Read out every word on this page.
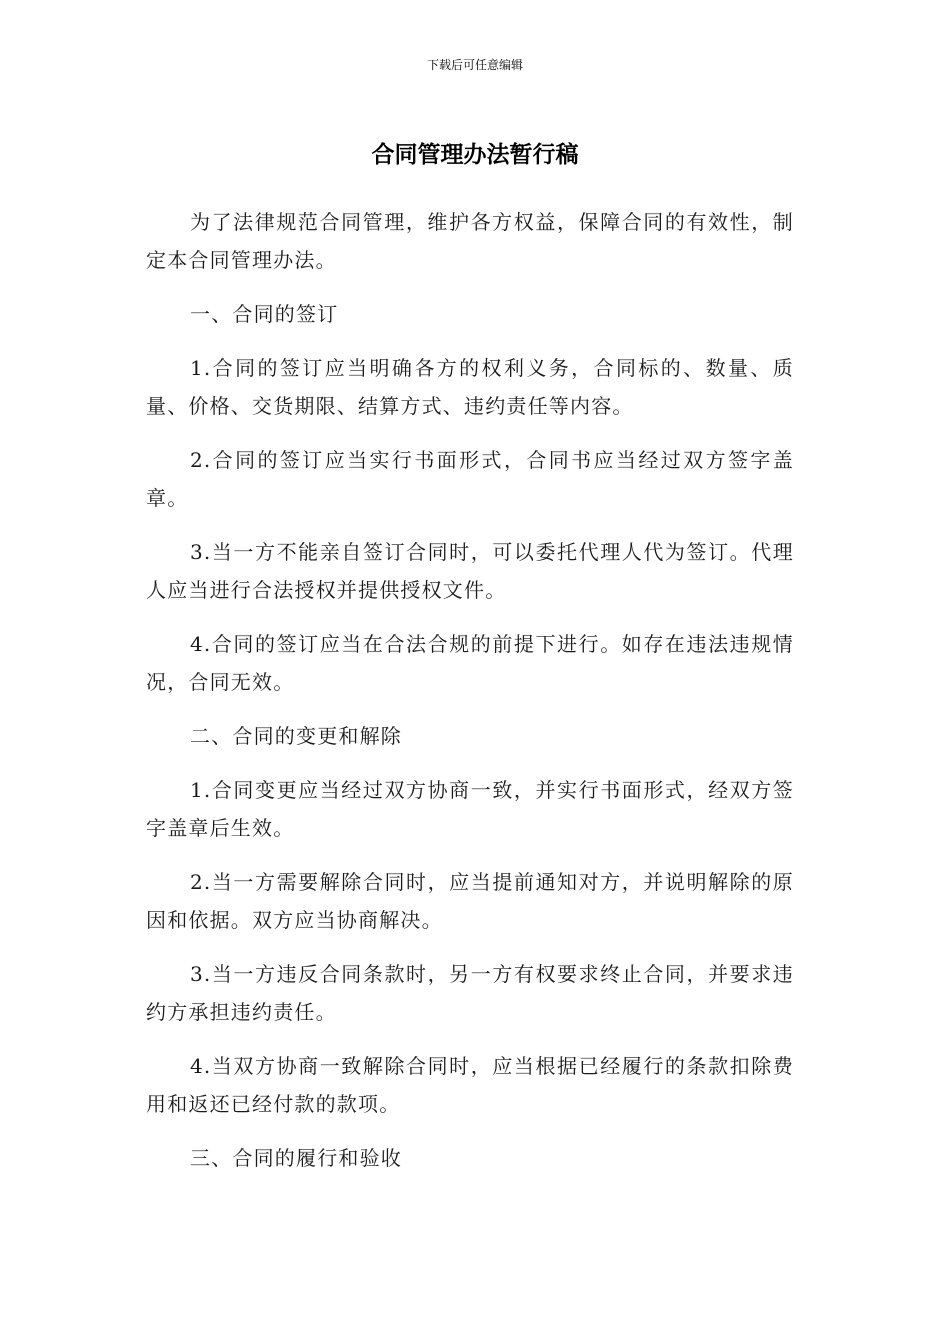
下载后可任意编辑
合同管理办法暂行稿

为了法律规范合同管理，维护各方权益，保障合同的有效性，制定本合同管理办法。

一、合同的签订

1.合同的签订应当明确各方的权利义务，合同标的、数量、质量、价格、交货期限、结算方式、违约责任等内容。

2.合同的签订应当实行书面形式，合同书应当经过双方签字盖章。

3.当一方不能亲自签订合同时，可以委托代理人代为签订。代理人应当进行合法授权并提供授权文件。

4.合同的签订应当在合法合规的前提下进行。如存在违法违规情况，合同无效。

二、合同的变更和解除

1.合同变更应当经过双方协商一致，并实行书面形式，经双方签字盖章后生效。

2.当一方需要解除合同时，应当提前通知对方，并说明解除的原因和依据。双方应当协商解决。

3.当一方违反合同条款时，另一方有权要求终止合同，并要求违约方承担违约责任。

4.当双方协商一致解除合同时，应当根据已经履行的条款扣除费用和返还已经付款的款项。

三、合同的履行和验收
